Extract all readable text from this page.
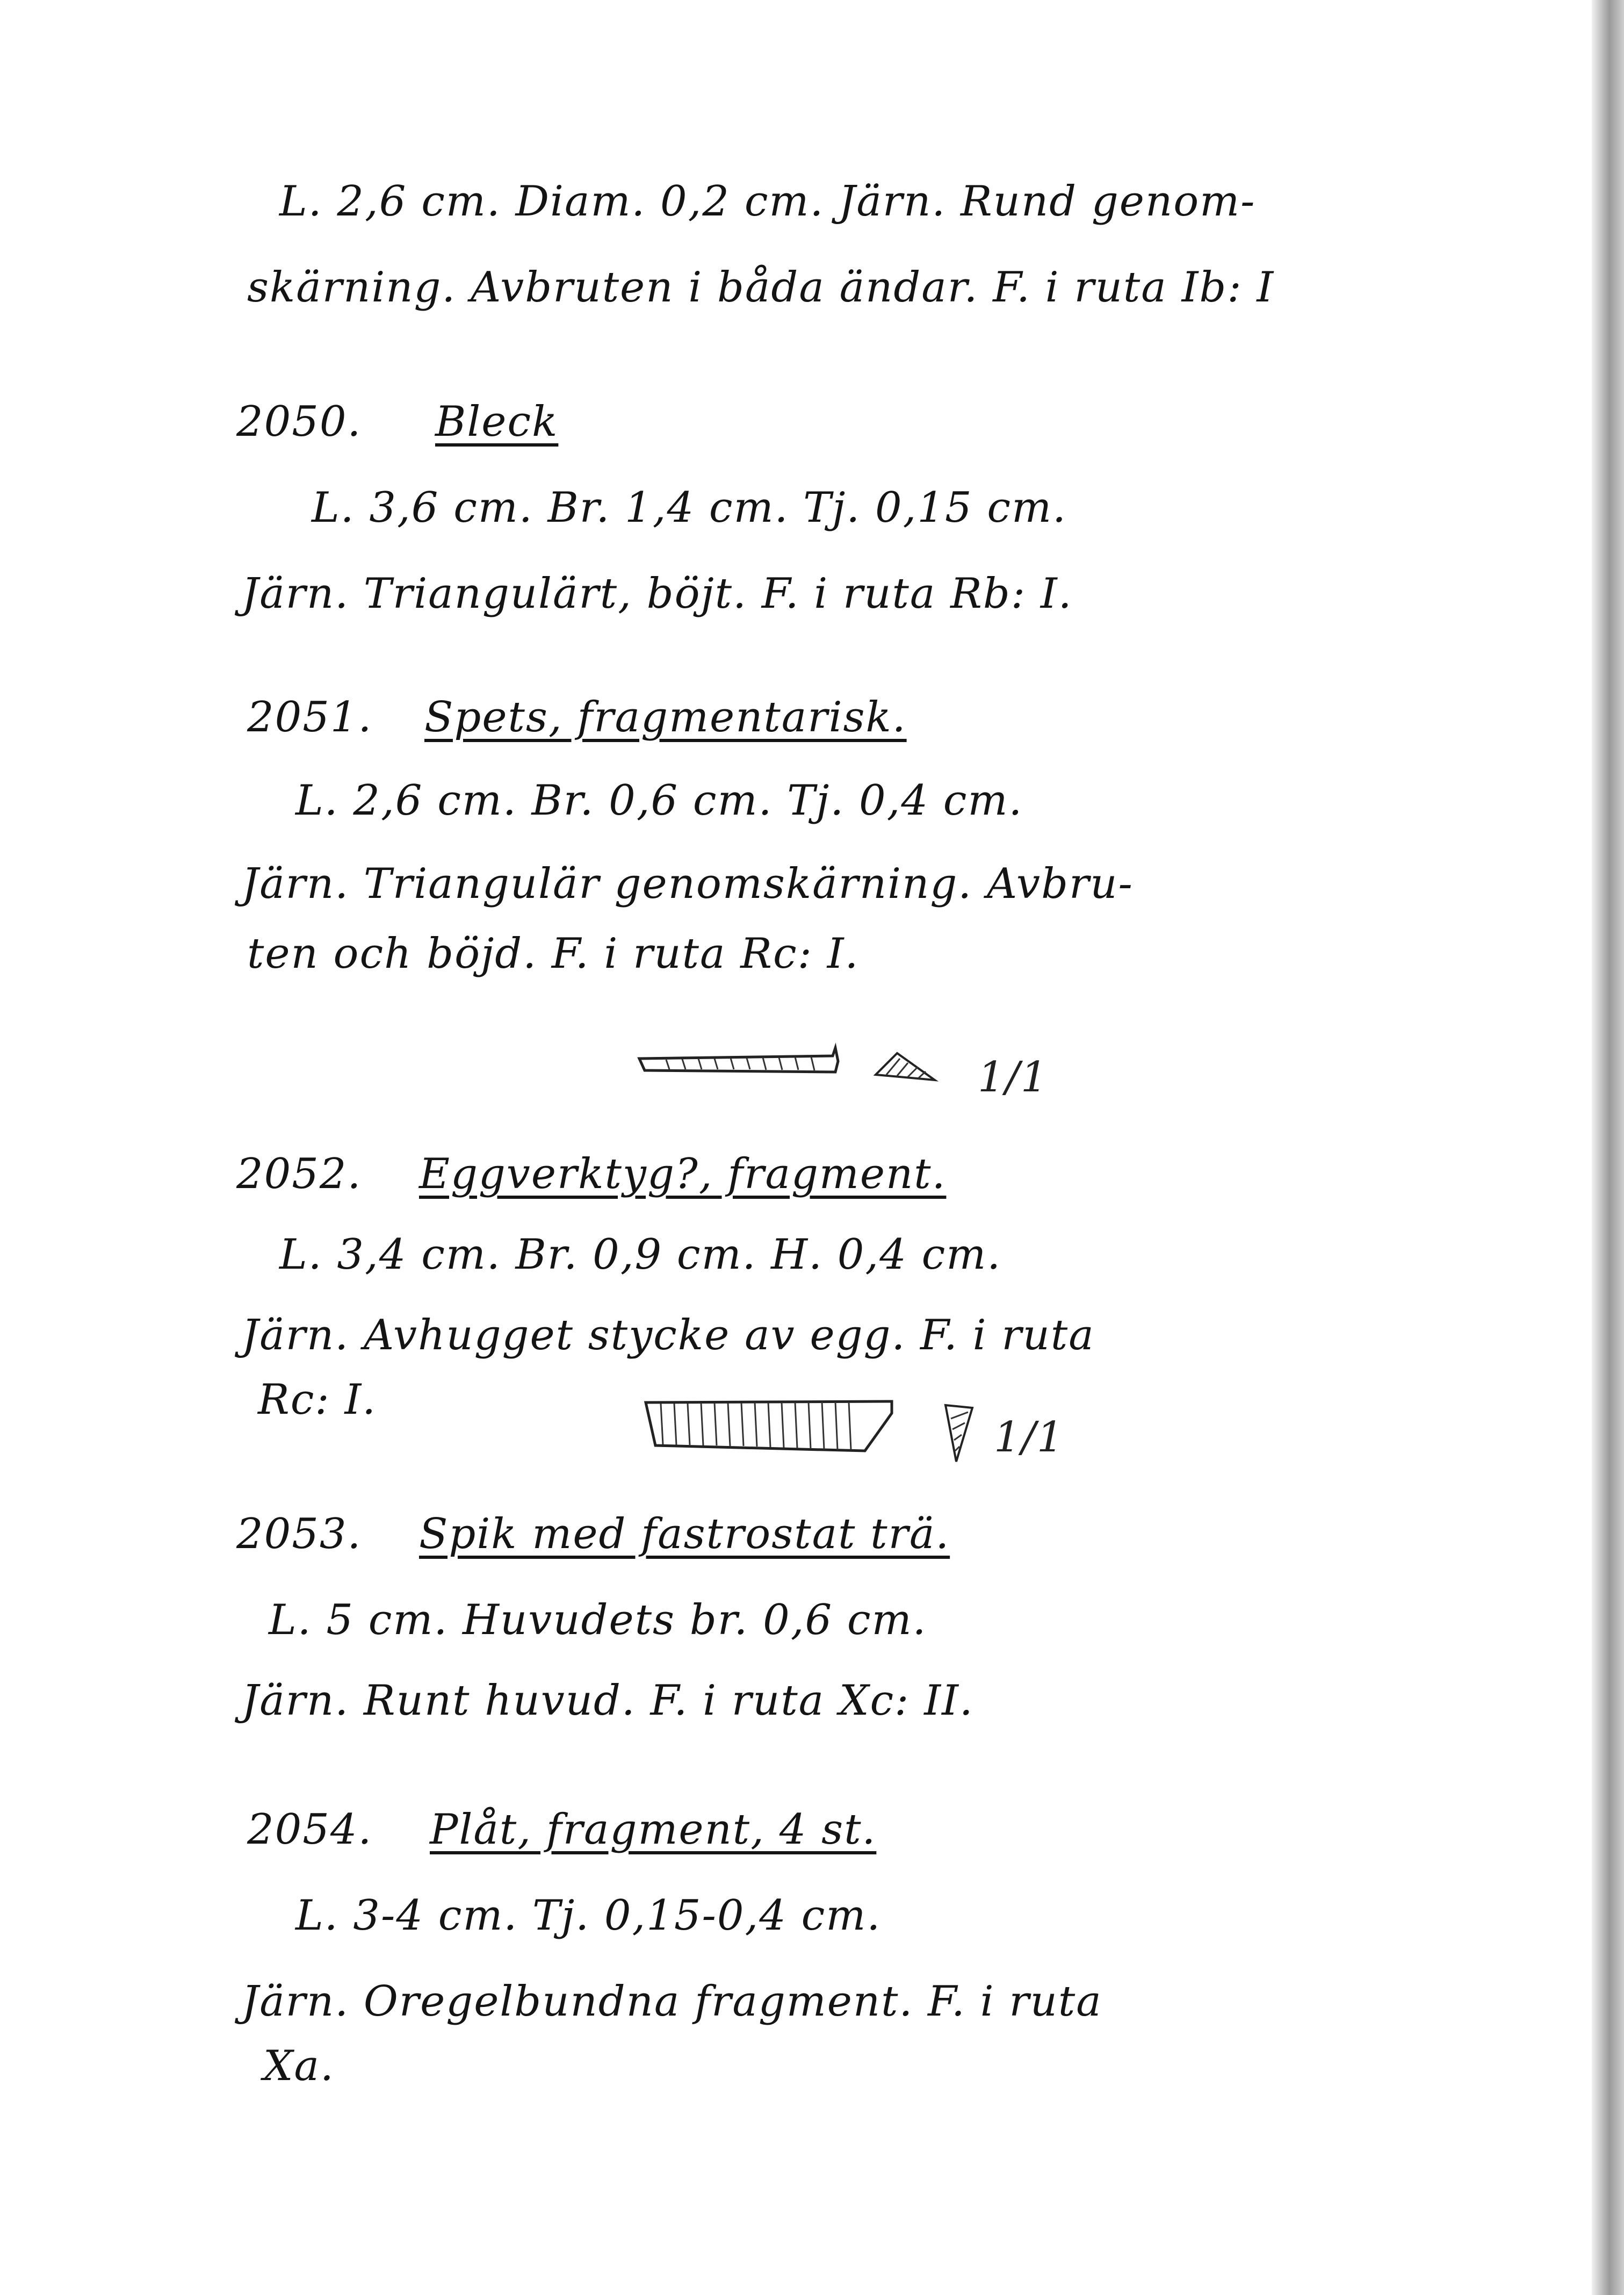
L. 2,6 cm. Diam. 0,2 cm. Järn. Rund genom-
skärning. Avbruten i båda ändar. F. i ruta Ib: I
2050. Bleck
L. 3,6 cm. Br. 1,4 cm. Tj. 0,15 cm.
Järn. Triangulärt, böjt. F. i ruta Rb: I.
2051. Spets, fragmentarisk.
L. 2,6 cm. Br. 0,6 cm. Tj. 0,4 cm.
Järn. Triangulär genomskärning. Avbru-
ten och böjd. F. i ruta Rc: I.
1/1
2052. Eggverktyg?, fragment.
L. 3,4 cm. Br. 0,9 cm. H. 0,4 cm.
Järn. Avhugget stycke av egg. F. i ruta
Rc: I.
1/1
2053. Spik med fastrostat trä.
L. 5 cm. Huvudets br. 0,6 cm.
Järn. Runt huvud. F. i ruta Xc: II.
2054. Plåt, fragment, 4 st.
L. 3-4 cm. Tj. 0,15-0,4 cm.
Järn. Oregelbundna fragment. F. i ruta
Xa.
